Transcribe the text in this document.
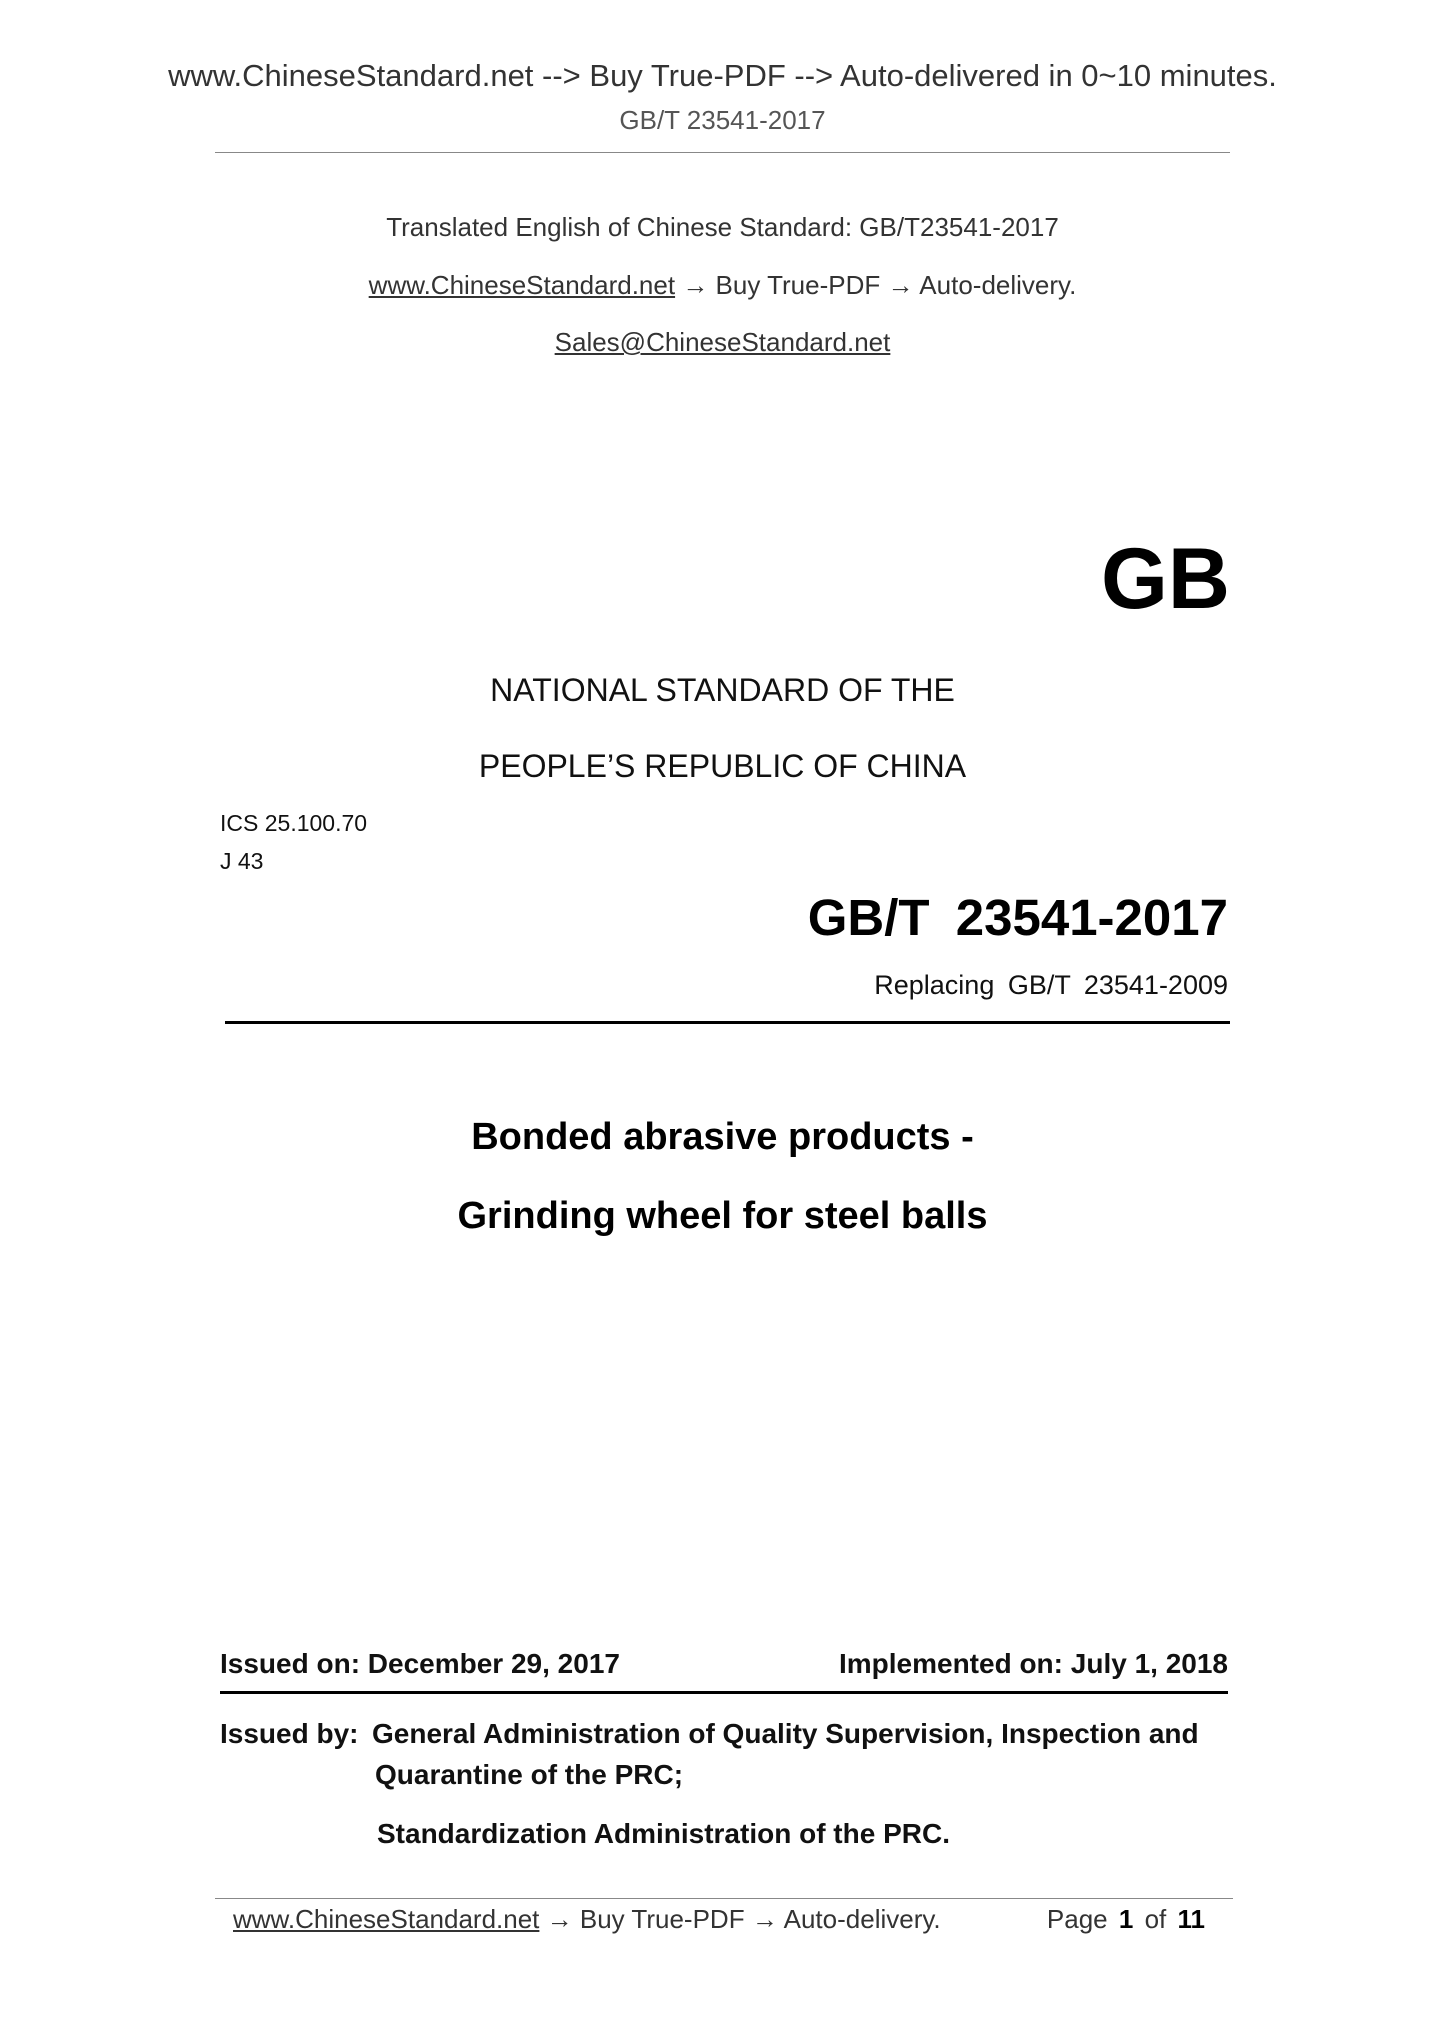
www.ChineseStandard.net --> Buy True-PDF --> Auto-delivered in 0~10 minutes.
GB/T 23541-2017
Translated English of Chinese Standard: GB/T23541-2017
www.ChineseStandard.net → Buy True-PDF → Auto-delivery.
Sales@ChineseStandard.net
GB
NATIONAL STANDARD OF THE
PEOPLE’S REPUBLIC OF CHINA
ICS 25.100.70
J 43
GB/T 23541-2017
Replacing GB/T 23541-2009
Bonded abrasive products -
Grinding wheel for steel balls
Issued on: December 29, 2017	Implemented on: July 1, 2018
Issued by: General Administration of Quality Supervision, Inspection and
Quarantine of the PRC;
Standardization Administration of the PRC.
www.ChineseStandard.net → Buy True-PDF → Auto-delivery.	Page 1 of 11
